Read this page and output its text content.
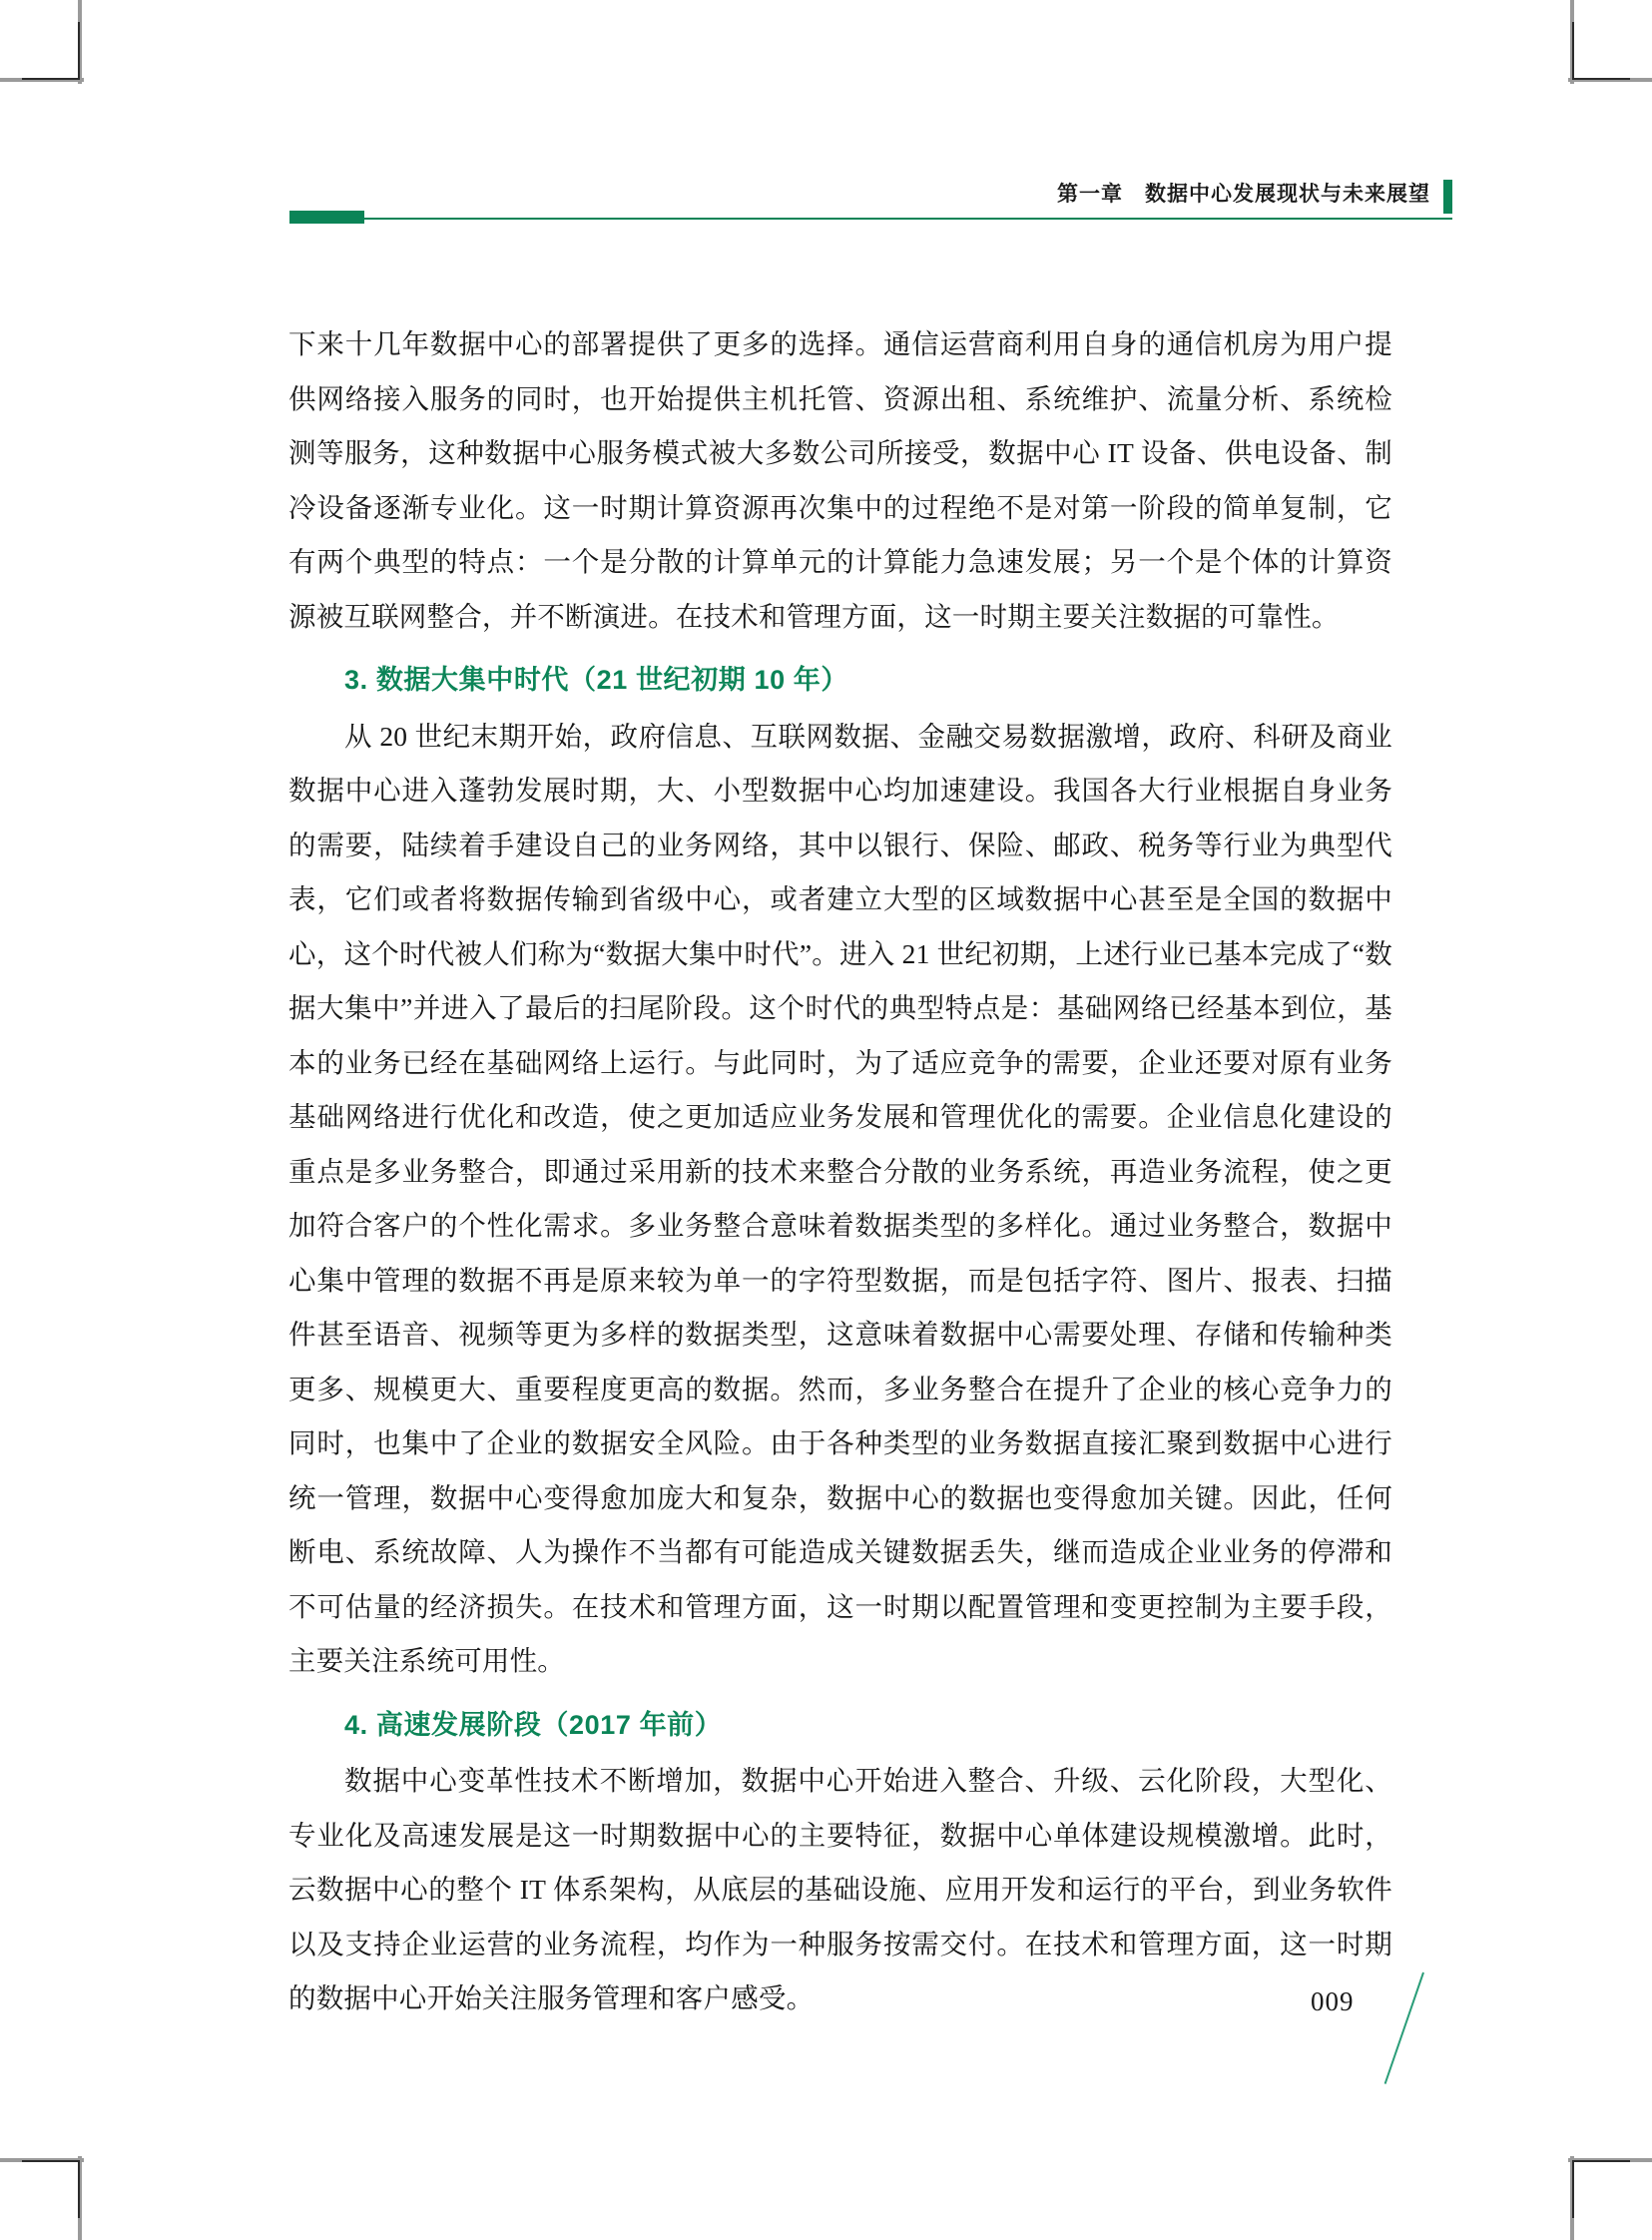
第一章　数据中心发展现状与未来展望

下来十几年数据中心的部署提供了更多的选择。通信运营商利用自身的通信机房为用户提供网络接入服务的同时，也开始提供主机托管、资源出租、系统维护、流量分析、系统检测等服务，这种数据中心服务模式被大多数公司所接受，数据中心 IT 设备、供电设备、制冷设备逐渐专业化。这一时期计算资源再次集中的过程绝不是对第一阶段的简单复制，它有两个典型的特点：一个是分散的计算单元的计算能力急速发展；另一个是个体的计算资源被互联网整合，并不断演进。在技术和管理方面，这一时期主要关注数据的可靠性。

3. 数据大集中时代（21 世纪初期 10 年）

从 20 世纪末期开始，政府信息、互联网数据、金融交易数据激增，政府、科研及商业数据中心进入蓬勃发展时期，大、小型数据中心均加速建设。我国各大行业根据自身业务的需要，陆续着手建设自己的业务网络，其中以银行、保险、邮政、税务等行业为典型代表，它们或者将数据传输到省级中心，或者建立大型的区域数据中心甚至是全国的数据中心，这个时代被人们称为“数据大集中时代”。进入 21 世纪初期，上述行业已基本完成了“数据大集中”并进入了最后的扫尾阶段。这个时代的典型特点是：基础网络已经基本到位，基本的业务已经在基础网络上运行。与此同时，为了适应竞争的需要，企业还要对原有业务基础网络进行优化和改造，使之更加适应业务发展和管理优化的需要。企业信息化建设的重点是多业务整合，即通过采用新的技术来整合分散的业务系统，再造业务流程，使之更加符合客户的个性化需求。多业务整合意味着数据类型的多样化。通过业务整合，数据中心集中管理的数据不再是原来较为单一的字符型数据，而是包括字符、图片、报表、扫描件甚至语音、视频等更为多样的数据类型，这意味着数据中心需要处理、存储和传输种类更多、规模更大、重要程度更高的数据。然而，多业务整合在提升了企业的核心竞争力的同时，也集中了企业的数据安全风险。由于各种类型的业务数据直接汇聚到数据中心进行统一管理，数据中心变得愈加庞大和复杂，数据中心的数据也变得愈加关键。因此，任何断电、系统故障、人为操作不当都有可能造成关键数据丢失，继而造成企业业务的停滞和不可估量的经济损失。在技术和管理方面，这一时期以配置管理和变更控制为主要手段，主要关注系统可用性。

4. 高速发展阶段（2017 年前）

数据中心变革性技术不断增加，数据中心开始进入整合、升级、云化阶段，大型化、专业化及高速发展是这一时期数据中心的主要特征，数据中心单体建设规模激增。此时，云数据中心的整个 IT 体系架构，从底层的基础设施、应用开发和运行的平台，到业务软件以及支持企业运营的业务流程，均作为一种服务按需交付。在技术和管理方面，这一时期的数据中心开始关注服务管理和客户感受。	009
